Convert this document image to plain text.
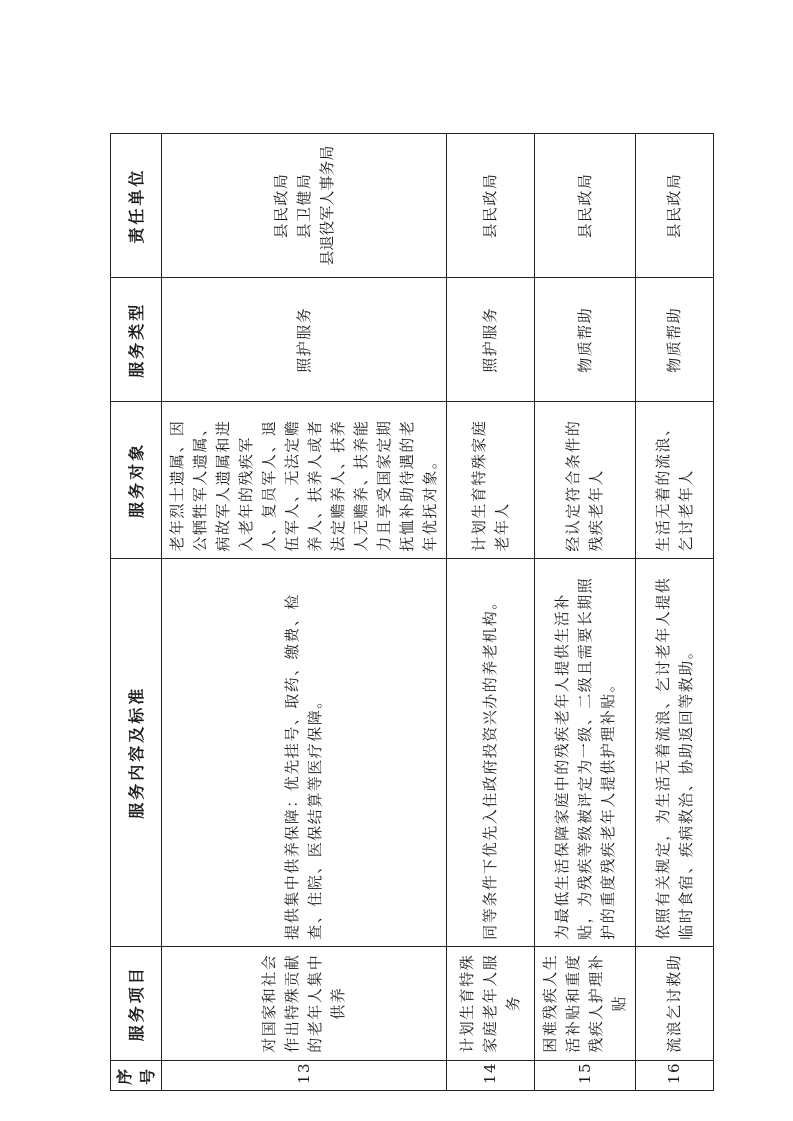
序号	服务项目	服务内容及标准	服务对象	服务类型	责任单位
13	对国家和社会作出特殊贡献的老年人集中供养	提供集中供养保障：优先挂号、取药、缴费、检查、住院、医保结算等医疗保障。	老年烈士遗属、因公牺牲军人遗属、病故军人遗属和进入老年的残疾军人、复员军人、退伍军人、无法定赡养人、扶养人或者法定赡养人、扶养人无赡养、扶养能力且享受国家定期抚恤补助待遇的老年优抚对象。	照护服务	县民政局 县卫健局 县退役军人事务局

14	计划生育特殊家庭老年人服务	同等条件下优先入住政府投资兴办的养老机构。	计划生育特殊家庭老年人	照护服务	县民政局
15	困难残疾人生活补贴和重度残疾人护理补贴	为最低生活保障家庭中的残疾老年人提供生活补贴，为残疾等级被评定为一级、二级且需要长期照护的重度残疾老年人提供护理补贴。	经认定符合条件的残疾老年人	物质帮助	县民政局
16	流浪乞讨救助	依照有关规定，为生活无着流浪、乞讨老年人提供临时食宿、疾病救治、协助返回等救助。	生活无着的流浪、乞讨老年人	物质帮助	县民政局
